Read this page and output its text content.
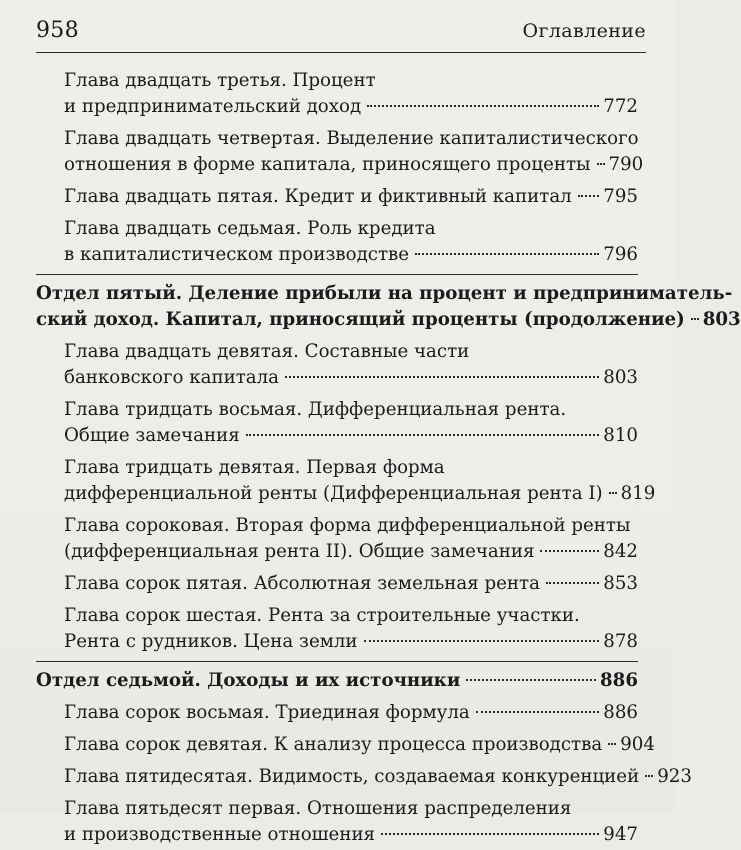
958	Оглавление
Глава двадцать третья. Процент
и предпринимательский доход	772
Глава двадцать четвертая. Выделение капиталистического
отношения в форме капитала, приносящего проценты 790
Глава двадцать пятая. Кредит и фиктивный капитал 795
Глава двадцать седьмая. Роль кредита
в капиталистическом производстве	796
Отдел пятый. Деление прибыли на процент и предприниматель-
ский доход. Капитал, приносящий проценты (продолжение) 803
Глава двадцать девятая. Составные части
банковского капитала	803
Глава тридцать восьмая. Дифференциальная рента.
Общие замечания	810
Глава тридцать девятая. Первая форма
дифференциальной ренты (Дифференциальная рента I) 819
Глава сороковая. Вторая форма дифференциальной ренты
(дифференциальная рента II). Общие замечания	842
Глава сорок пятая. Абсолютная земельная рента	853
Глава сорок шестая. Рента за строительные участки.
Рента с рудников. Цена земли	878
Отдел седьмой. Доходы и их источники	886
Глава сорок восьмая. Триединая формула	886
Глава сорок девятая. К анализу процесса производства 904
Глава пятидесятая. Видимость, создаваемая конкуренцией 923
Глава пятьдесят первая. Отношения распределения
и производственные отношения	947
